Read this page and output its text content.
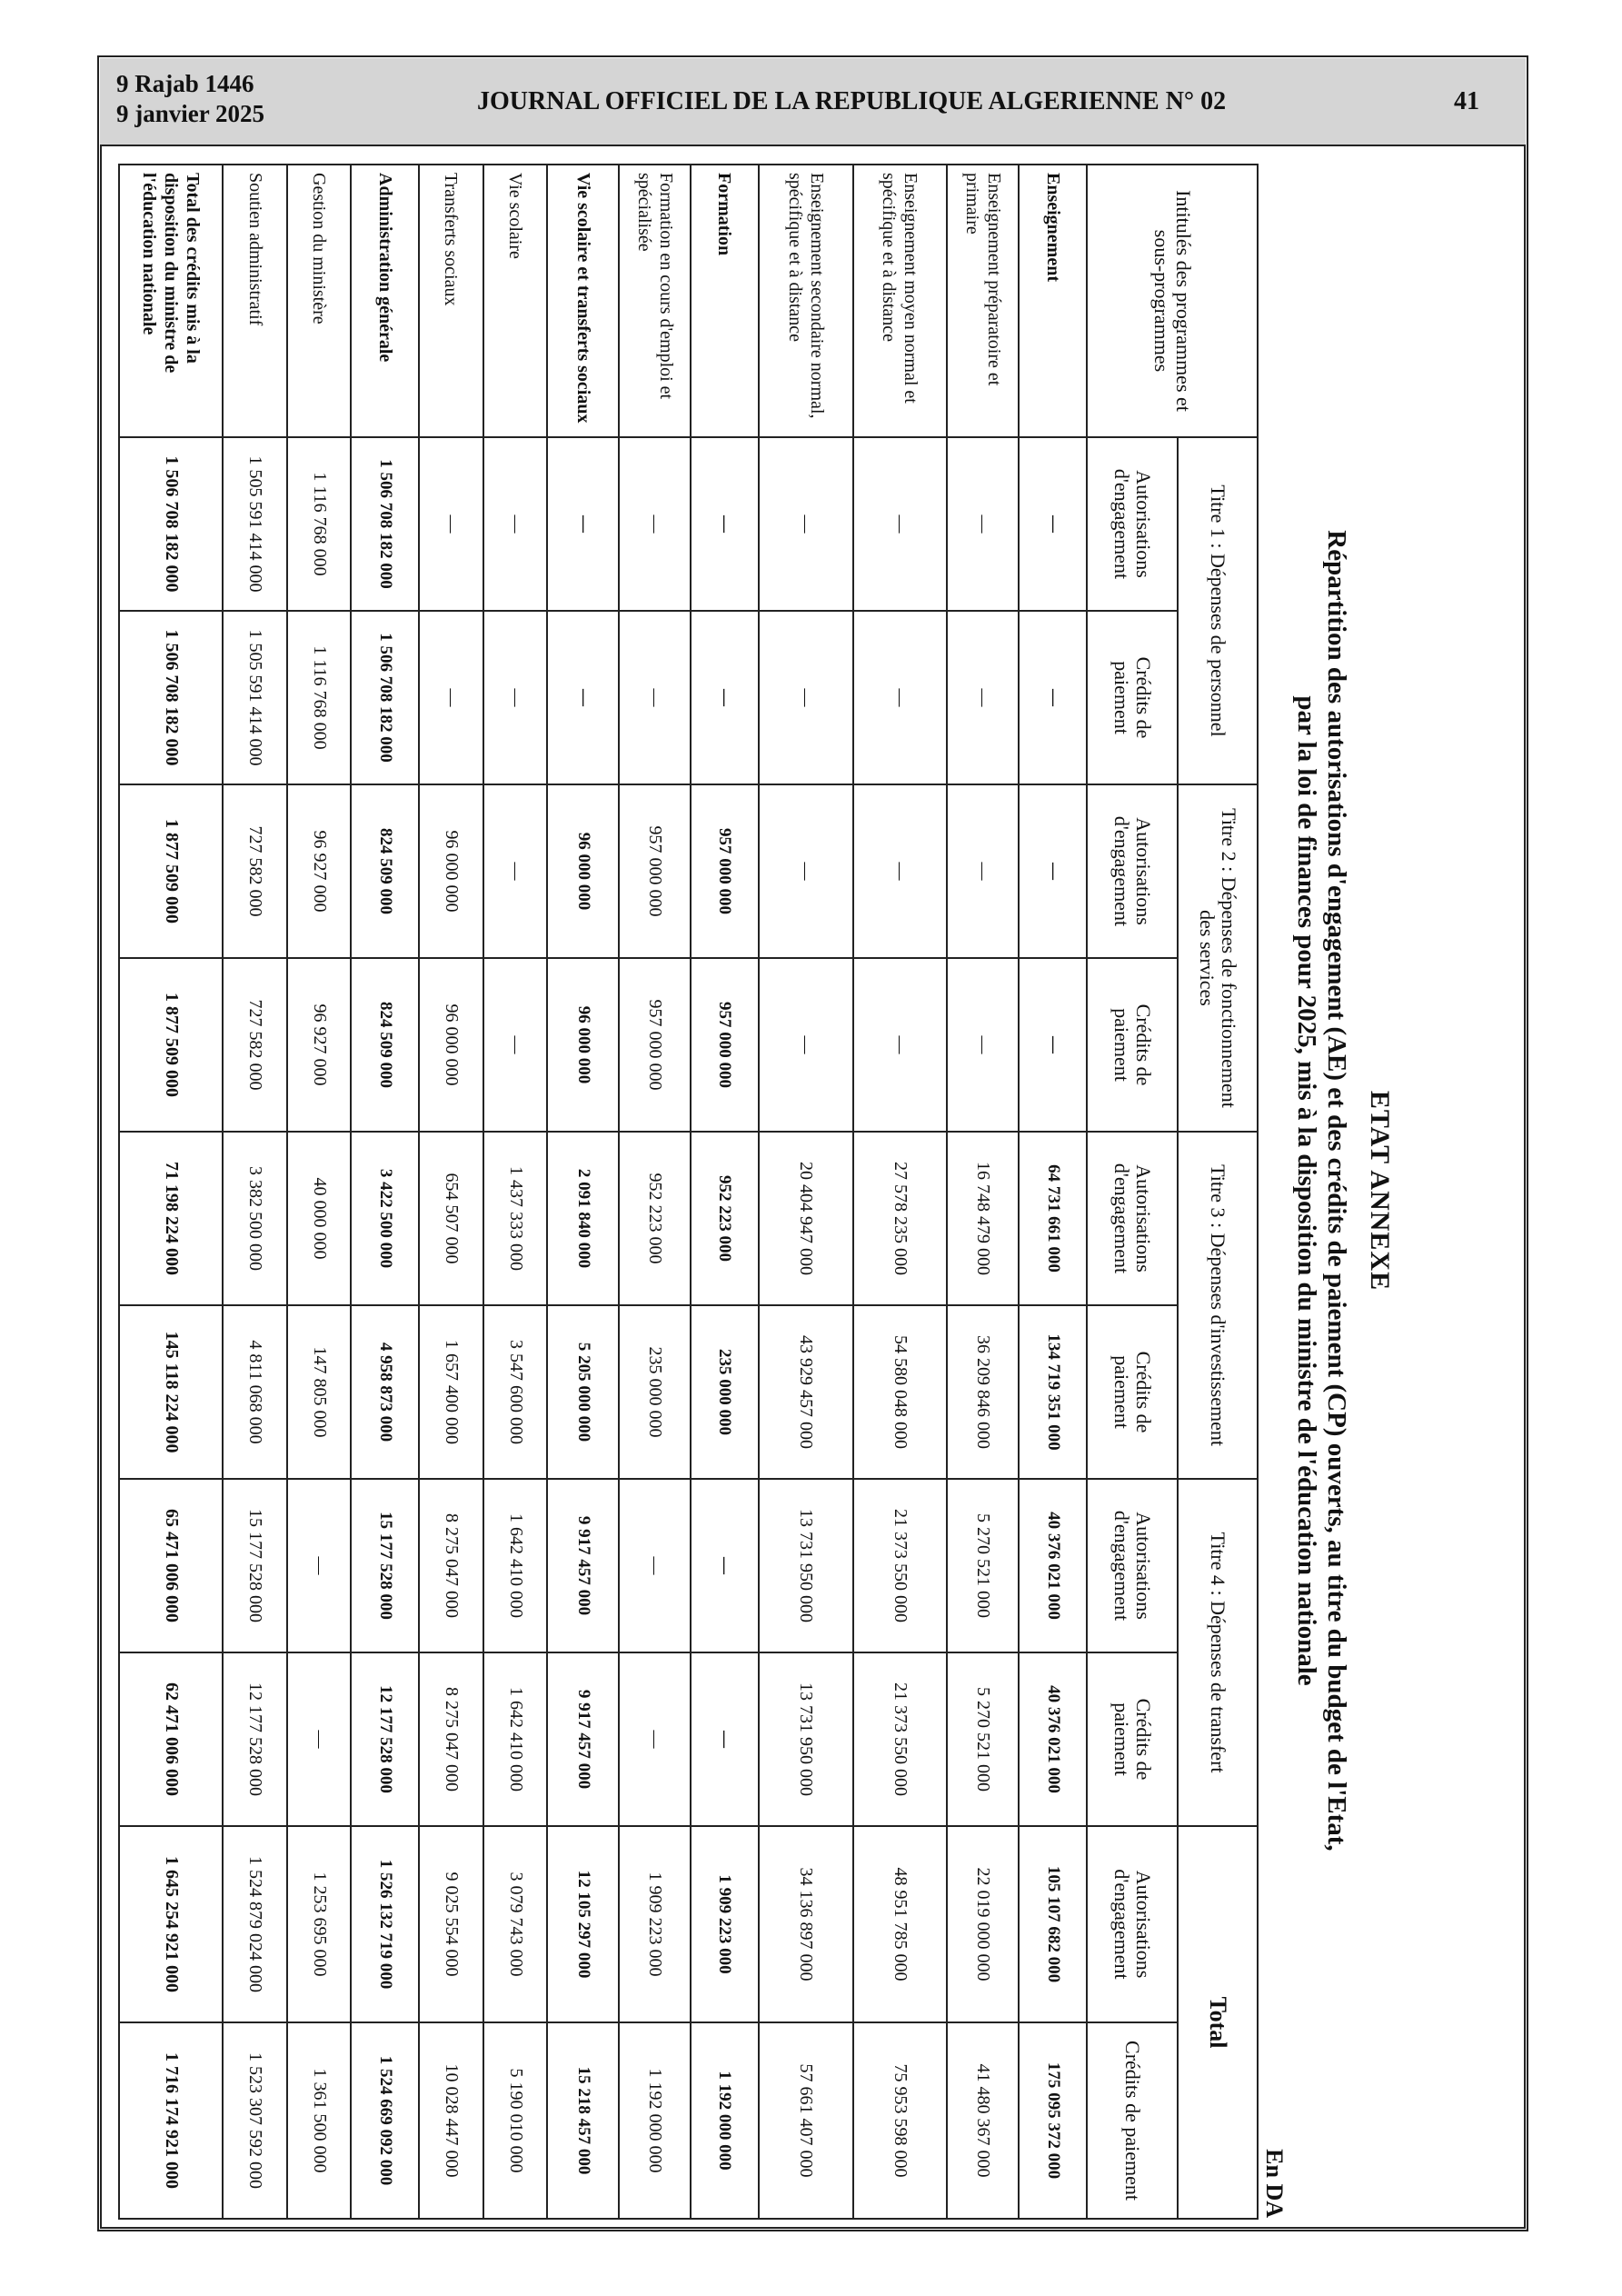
9 Rajab 1446
9 janvier 2025	JOURNAL OFFICIEL DE LA REPUBLIQUE ALGERIENNE N° 02	41
ETAT ANNEXE
Répartition des autorisations d'engagement (AE) et des crédits de paiement (CP) ouverts, au titre du budget de l'Etat,
par la loi de finances pour 2025, mis à la disposition du ministre de l'éducation nationale
En DA
Intitulés des programmes et sous-programmes	Titre 1 : Dépenses de personnel		Titre 2 : Dépenses de fonctionnement des services		Titre 3 : Dépenses d'investissement		Titre 4 : Dépenses de transfert		Total	
	Autorisations d'engagement	Crédits de paiement	Autorisations d'engagement	Crédits de paiement	Autorisations d'engagement	Crédits de paiement	Autorisations d'engagement	Crédits de paiement	Autorisations d'engagement	Crédits de paiement
Enseignement	—	—	—	—	64 731 661 000	134 719 351 000	40 376 021 000	40 376 021 000	105 107 682 000	175 095 372 000
Enseignement préparatoire et primaire	—	—	—	—	16 748 479 000	36 209 846 000	5 270 521 000	5 270 521 000	22 019 000 000	41 480 367 000
Enseignement moyen normal et spécifique et à distance	—	—	—	—	27 578 235 000	54 580 048 000	21 373 550 000	21 373 550 000	48 951 785 000	75 953 598 000
Enseignement secondaire normal, spécifique et à distance	—	—	—	—	20 404 947 000	43 929 457 000	13 731 950 000	13 731 950 000	34 136 897 000	57 661 407 000
Formation	—	—	957 000 000	957 000 000	952 223 000	235 000 000	—	—	1 909 223 000	1 192 000 000
Formation en cours d'emploi et spécialisée	—	—	957 000 000	957 000 000	952 223 000	235 000 000	—	—	1 909 223 000	1 192 000 000
Vie scolaire et transferts sociaux	—	—	96 000 000	96 000 000	2 091 840 000	5 205 000 000	9 917 457 000	9 917 457 000	12 105 297 000	15 218 457 000
Vie scolaire	—	—	—	—	1 437 333 000	3 547 600 000	1 642 410 000	1 642 410 000	3 079 743 000	5 190 010 000
Transferts sociaux	—	—	96 000 000	96 000 000	654 507 000	1 657 400 000	8 275 047 000	8 275 047 000	9 025 554 000	10 028 447 000
Administration générale	1 506 708 182 000	1 506 708 182 000	824 509 000	824 509 000	3 422 500 000	4 958 873 000	15 177 528 000	12 177 528 000	1 526 132 719 000	1 524 669 092 000
Gestion du ministère	1 116 768 000	1 116 768 000	96 927 000	96 927 000	40 000 000	147 805 000	—	—	1 253 695 000	1 361 500 000
Soutien administratif	1 505 591 414 000	1 505 591 414 000	727 582 000	727 582 000	3 382 500 000	4 811 068 000	15 177 528 000	12 177 528 000	1 524 879 024 000	1 523 307 592 000
Total des crédits mis à la disposition du ministre de l'éducation nationale	1 506 708 182 000	1 506 708 182 000	1 877 509 000	1 877 509 000	71 198 224 000	145 118 224 000	65 471 006 000	62 471 006 000	1 645 254 921 000	1 716 174 921 000
